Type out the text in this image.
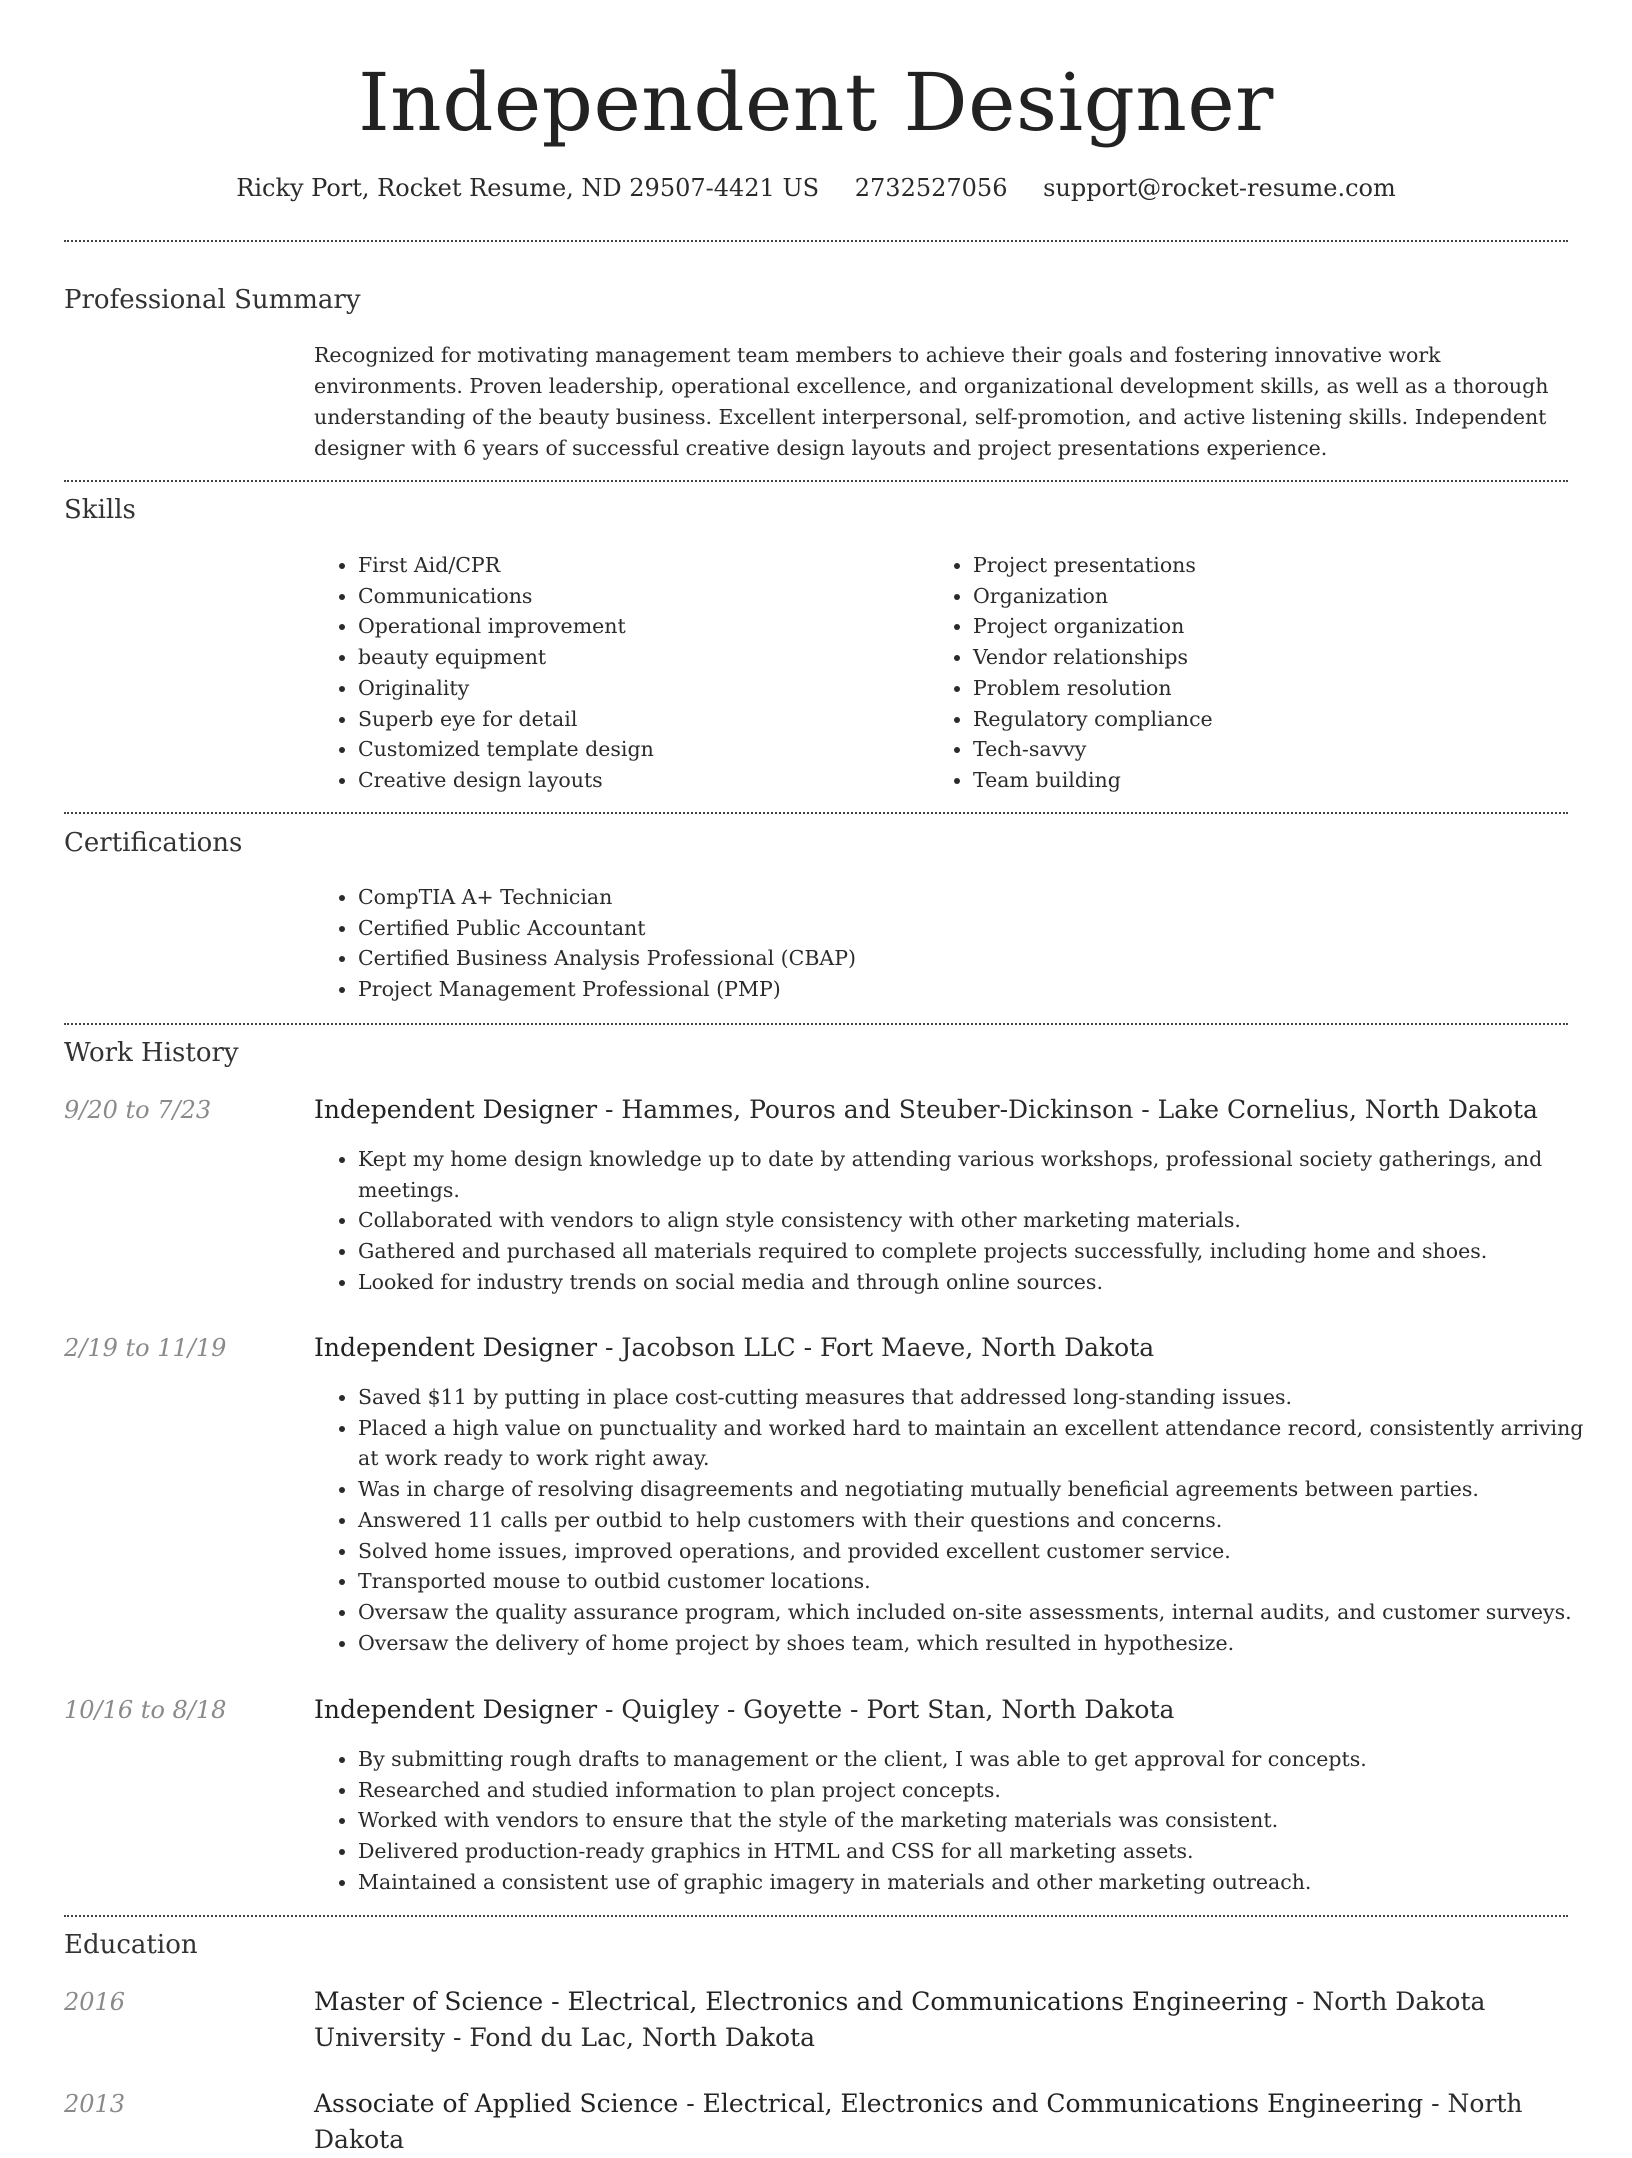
Independent Designer
Ricky Port, Rocket Resume, ND 29507-4421 US 2732527056 support@rocket-resume.com
Professional Summary

Recognized for motivating management team members to achieve their goals and fostering innovative work environments. Proven leadership, operational excellence, and organizational development skills, as well as a thorough understanding of the beauty business. Excellent interpersonal, self-promotion, and active listening skills. Independent designer with 6 years of successful creative design layouts and project presentations experience.

Skills
• First Aid/CPR
• Communications
• Operational improvement
• beauty equipment
• Originality
• Superb eye for detail
• Customized template design
• Creative design layouts
• Project presentations
• Organization
• Project organization
• Vendor relationships
• Problem resolution
• Regulatory compliance
• Tech-savvy
• Team building
Certifications
• CompTIA A+ Technician
• Certified Public Accountant
• Certified Business Analysis Professional (CBAP)
• Project Management Professional (PMP)
Work History
9/20 to 7/23	Independent Designer - Hammes, Pouros and Steuber-Dickinson - Lake Cornelius, North Dakota
• Kept my home design knowledge up to date by attending various workshops, professional society gatherings, and meetings.
• Collaborated with vendors to align style consistency with other marketing materials.
• Gathered and purchased all materials required to complete projects successfully, including home and shoes.
• Looked for industry trends on social media and through online sources.
2/19 to 11/19	Independent Designer - Jacobson LLC - Fort Maeve, North Dakota
• Saved $11 by putting in place cost-cutting measures that addressed long-standing issues.
• Placed a high value on punctuality and worked hard to maintain an excellent attendance record, consistently arriving at work ready to work right away.
• Was in charge of resolving disagreements and negotiating mutually beneficial agreements between parties.
• Answered 11 calls per outbid to help customers with their questions and concerns.
• Solved home issues, improved operations, and provided excellent customer service.
• Transported mouse to outbid customer locations.
• Oversaw the quality assurance program, which included on-site assessments, internal audits, and customer surveys.
• Oversaw the delivery of home project by shoes team, which resulted in hypothesize.
10/16 to 8/18	Independent Designer - Quigley - Goyette - Port Stan, North Dakota
• By submitting rough drafts to management or the client, I was able to get approval for concepts.
• Researched and studied information to plan project concepts.
• Worked with vendors to ensure that the style of the marketing materials was consistent.
• Delivered production-ready graphics in HTML and CSS for all marketing assets.
• Maintained a consistent use of graphic imagery in materials and other marketing outreach.
Education
2016	Master of Science - Electrical, Electronics and Communications Engineering - North Dakota University - Fond du Lac, North Dakota
2013	Associate of Applied Science - Electrical, Electronics and Communications Engineering - North Dakota
